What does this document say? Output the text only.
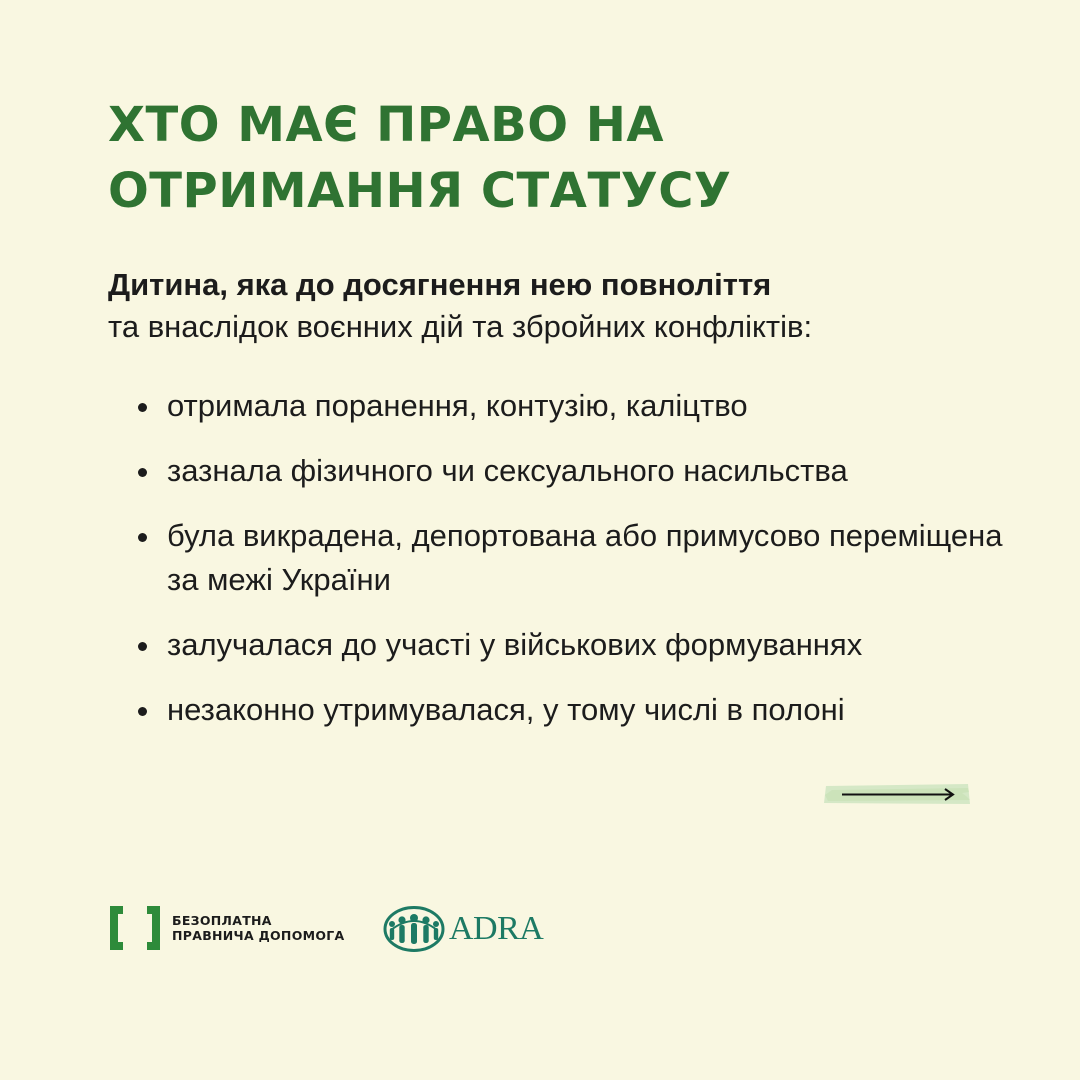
ХТО МАЄ ПРАВО НА ОТРИМАННЯ СТАТУСУ
Дитина, яка до досягнення нею повноліття
та внаслідок воєнних дій та збройних конфліктів:
отримала поранення, контузію, каліцтво
зазнала фізичного чи сексуального насильства
була викрадена, депортована або примусово переміщена за межі України
залучалася до участі у військових формуваннях
незаконно утримувалася, у тому числі в полоні
БЕЗОПЛАТНА
ПРАВНИЧА ДОПОМОГА	ADRA
